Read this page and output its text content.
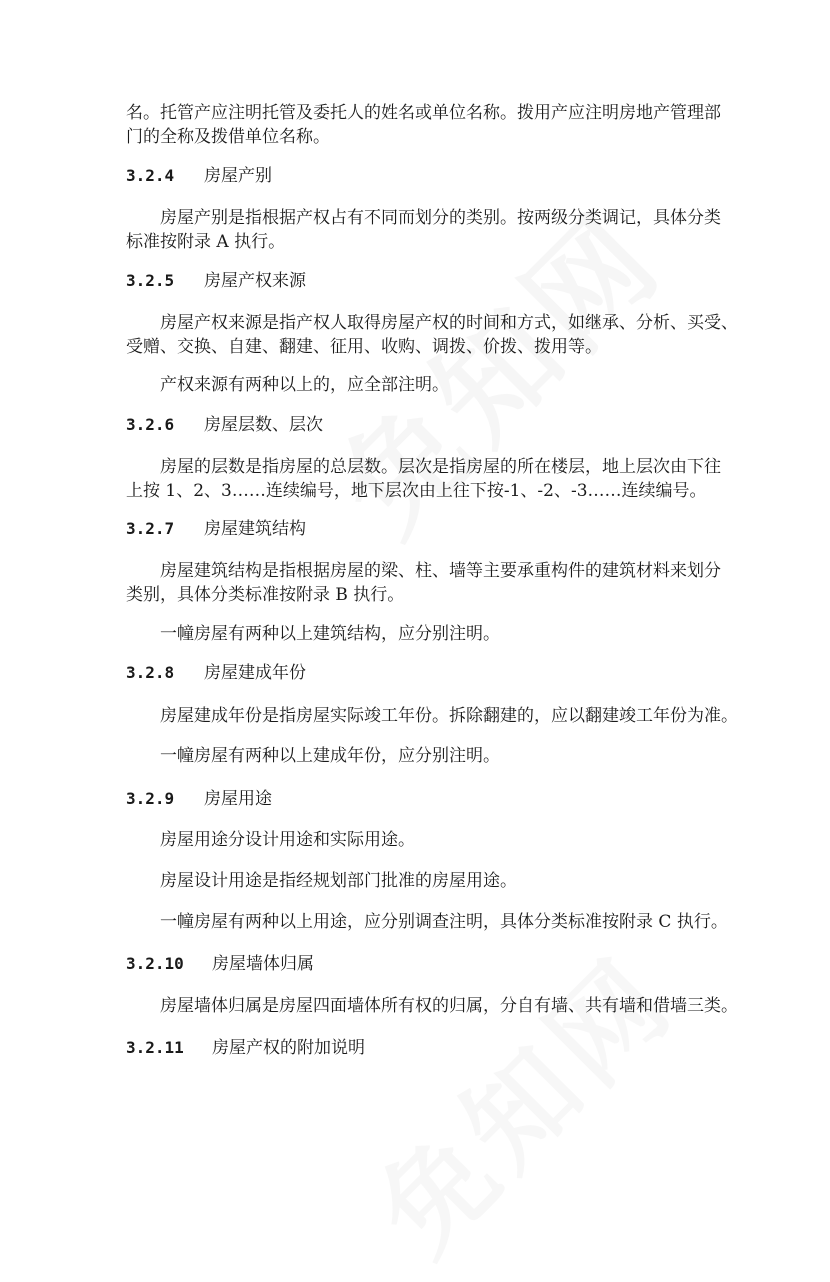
名。托管产应注明托管及委托人的姓名或单位名称。拨用产应注明房地产管理部
门的全称及拨借单位名称。
3.2.4 房屋产别
房屋产别是指根据产权占有不同而划分的类别。按两级分类调记，具体分类
标准按附录 A 执行。
3.2.5 房屋产权来源
房屋产权来源是指产权人取得房屋产权的时间和方式，如继承、分析、买受、
受赠、交换、自建、翻建、征用、收购、调拨、价拨、拨用等。
产权来源有两种以上的，应全部注明。
3.2.6 房屋层数、层次
房屋的层数是指房屋的总层数。层次是指房屋的所在楼层，地上层次由下往
上按 1、2、3……连续编号，地下层次由上往下按-1、-2、-3……连续编号。
3.2.7 房屋建筑结构
房屋建筑结构是指根据房屋的梁、柱、墙等主要承重构件的建筑材料来划分
类别，具体分类标准按附录 B 执行。
一幢房屋有两种以上建筑结构，应分别注明。
3.2.8 房屋建成年份
房屋建成年份是指房屋实际竣工年份。拆除翻建的，应以翻建竣工年份为准。
一幢房屋有两种以上建成年份，应分别注明。
3.2.9 房屋用途
房屋用途分设计用途和实际用途。
房屋设计用途是指经规划部门批准的房屋用途。
一幢房屋有两种以上用途，应分别调查注明，具体分类标准按附录 C 执行。
3.2.10 房屋墙体归属
房屋墙体归属是房屋四面墙体所有权的归属，分自有墙、共有墙和借墙三类。
3.2.11 房屋产权的附加说明
